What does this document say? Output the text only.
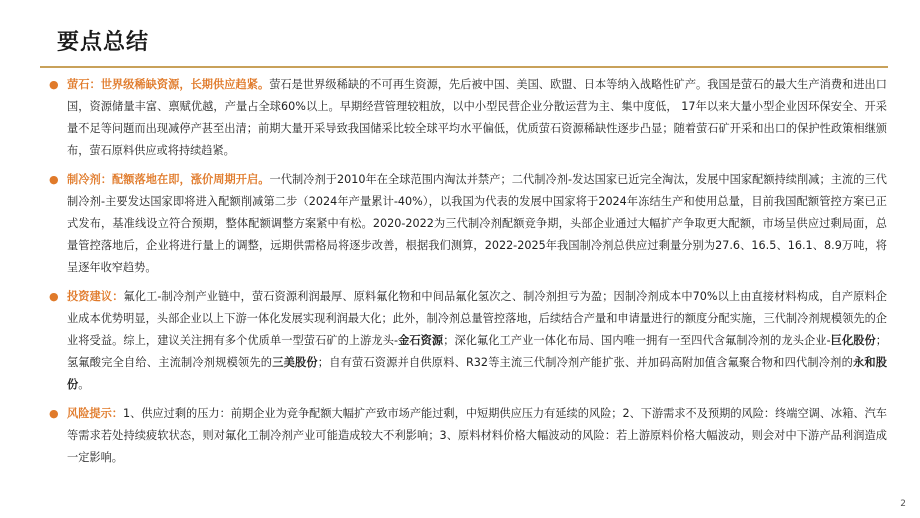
要点总结
● 萤石：世界级稀缺资源，长期供应趋紧。萤石是世界级稀缺的不可再生资源，先后被中国、美国、欧盟、日本等纳入战略性矿产。我国是萤石的最大生产消费和进出口国，资源储量丰富、禀赋优越，产量占全球60%以上。早期经营管理较粗放，以中小型民营企业分散运营为主、集中度低， 17年以来大量小型企业因环保安全、开采量不足等问题而出现减停产甚至出清；前期大量开采导致我国储采比较全球平均水平偏低，优质萤石资源稀缺性逐步凸显；随着萤石矿开采和出口的保护性政策相继颁布，萤石原料供应或将持续趋紧。
● 制冷剂：配额落地在即，涨价周期开启。一代制冷剂于2010年在全球范围内淘汰并禁产；二代制冷剂-发达国家已近完全淘汰，发展中国家配额持续削减；主流的三代制冷剂-主要发达国家即将进入配额削减第二步（2024年产量累计-40%），以我国为代表的发展中国家将于2024年冻结生产和使用总量，目前我国配额管控方案已正式发布，基准线设立符合预期，整体配额调整方案紧中有松。2020-2022为三代制冷剂配额竞争期，头部企业通过大幅扩产争取更大配额，市场呈供应过剩局面，总量管控落地后，企业将进行量上的调整，远期供需格局将逐步改善，根据我们测算，2022-2025年我国制冷剂总供应过剩量分别为27.6、16.5、16.1、8.9万吨，将呈逐年收窄趋势。
● 投资建议：氟化工-制冷剂产业链中，萤石资源利润最厚、原料氟化物和中间品氟化氢次之、制冷剂担亏为盈；因制冷剂成本中70%以上由直接材料构成，自产原料企业成本优势明显，头部企业以上下游一体化发展实现利润最大化；此外，制冷剂总量管控落地，后续结合产量和申请量进行的额度分配实施，三代制冷剂规模领先的企业将受益。综上，建议关注拥有多个优质单一型萤石矿的上游龙头-金石资源；深化氟化工产业一体化布局、国内唯一拥有一至四代含氟制冷剂的龙头企业-巨化股份；氢氟酸完全自给、主流制冷剂规模领先的三美股份；自有萤石资源并自供原料、R32等主流三代制冷剂产能扩张、并加码高附加值含氟聚合物和四代制冷剂的永和股份。
● 风险提示：1、供应过剩的压力：前期企业为竞争配额大幅扩产致市场产能过剩，中短期供应压力有延续的风险；2、下游需求不及预期的风险：终端空调、冰箱、汽车等需求若处持续疲软状态，则对氟化工制冷剂产业可能造成较大不利影响；3、原料材料价格大幅波动的风险：若上游原料价格大幅波动，则会对中下游产品利润造成一定影响。
2
